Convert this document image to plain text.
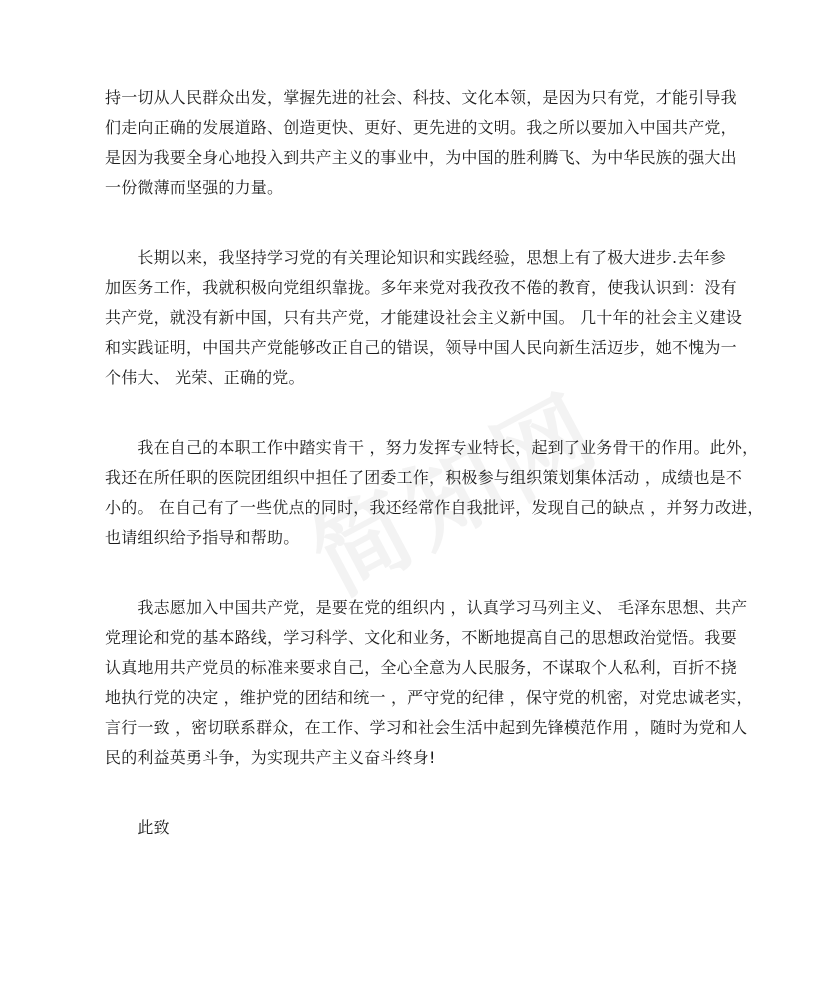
持一切从人民群众出发，掌握先进的社会、科技、文化本领，是因为只有党，才能引导我
们走向正确的发展道路、创造更快、更好、更先进的文明。我之所以要加入中国共产党，
是因为我要全身心地投入到共产主义的事业中，为中国的胜利腾飞、为中华民族的强大出
一份微薄而坚强的力量。
　　长期以来，我坚持学习党的有关理论知识和实践经验，思想上有了极大进步.去年参
加医务工作，我就积极向党组织靠拢。多年来党对我孜孜不倦的教育，使我认识到：没有
共产党，就没有新中国，只有共产党，才能建设社会主义新中国。 几十年的社会主义建设
和实践证明，中国共产党能够改正自己的错误，领导中国人民向新生活迈步，她不愧为一
个伟大、 光荣、正确的党。
　　我在自己的本职工作中踏实肯干 ，努力发挥专业特长，起到了业务骨干的作用。此外，
我还在所任职的医院团组织中担任了团委工作，积极参与组织策划集体活动 ，成绩也是不
小的。 在自己有了一些优点的同时，我还经常作自我批评，发现自己的缺点 ，并努力改进，
也请组织给予指导和帮助。
　　我志愿加入中国共产党，是要在党的组织内 ，认真学习马列主义、 毛泽东思想、共产
党理论和党的基本路线，学习科学、文化和业务，不断地提高自己的思想政治觉悟。我要
认真地用共产党员的标准来要求自己，全心全意为人民服务，不谋取个人私利，百折不挠
地执行党的决定 ，维护党的团结和统一 ，严守党的纪律 ，保守党的机密，对党忠诚老实，
言行一致 ，密切联系群众，在工作、学习和社会生活中起到先锋模范作用 ，随时为党和人
民的利益英勇斗争，为实现共产主义奋斗终身!
　　此致
